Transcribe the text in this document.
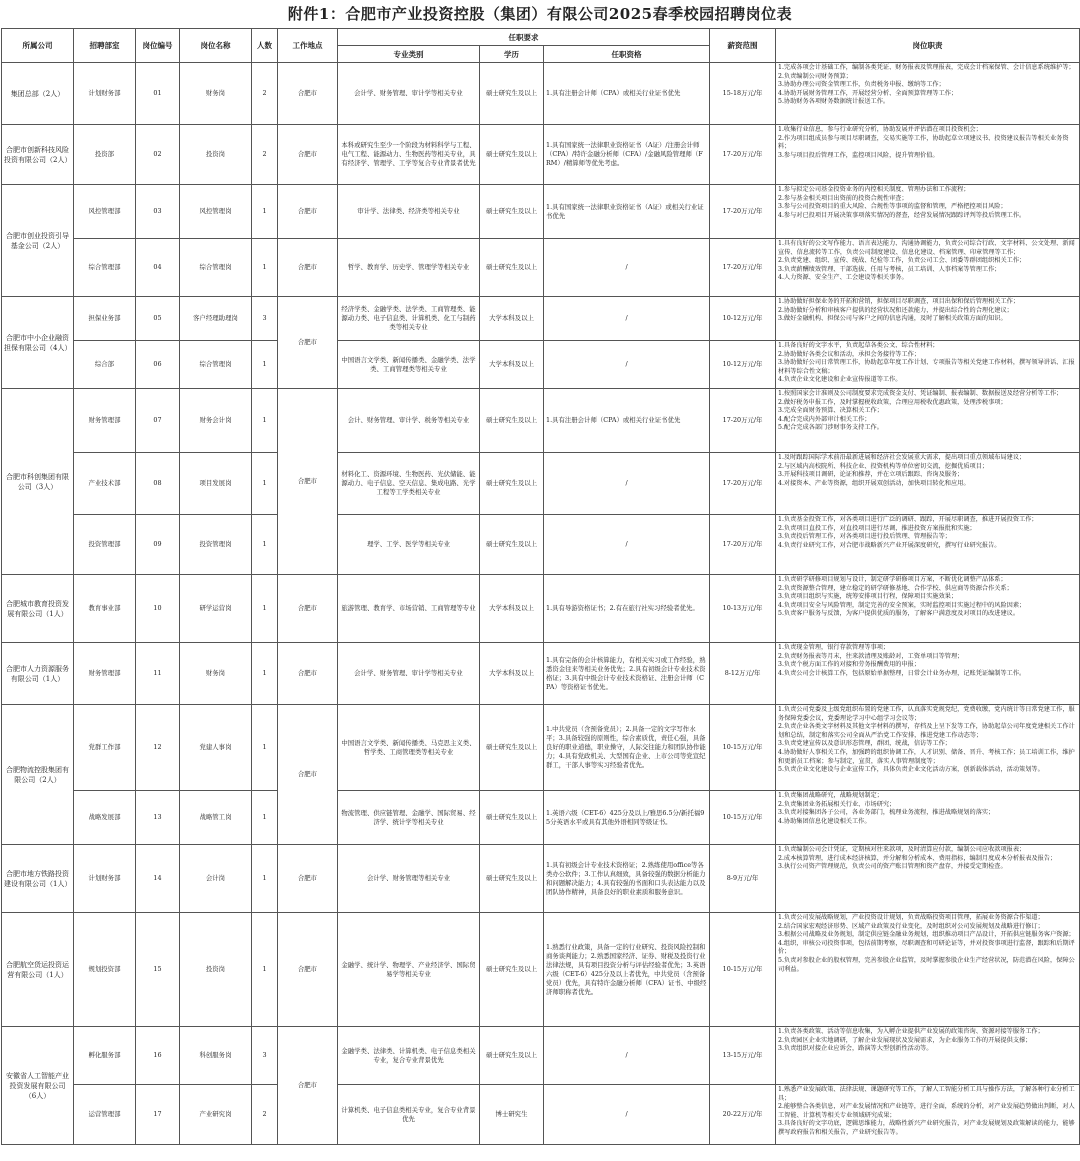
附件1：合肥市产业投资控股（集团）有限公司2025春季校园招聘岗位表
所属公司	招聘部室	岗位编号	岗位名称	人数	工作地点	任职要求			薪资范围	岗位职责
						专业类别	学历	任职资格		
集团总部（2人）	计划财务部	01	财务岗	2	合肥市	会计学、财务管理、审计学等相关专业	硕士研究生及以上	1.具有注册会计师（CPA）或相关行业证书优先	15-18万元/年	1.完成各项会计基础工作，编制各类凭证、财务报表及管理报表，完成会计档案保管、会计信息系统维护等；
2.负责编制公司财务预算；
3.协助办理公司资金管理工作，负责税务申报、缴纳等工作；
4.协助开展财务管理工作，开展经营分析、全面预算管理等工作；
5.协助财务各项财务数据统计报送工作。

合肥市创新科技风险投资有限公司（2人）	投资部	02	投资岗	2	合肥市	本科或研究生至少一个阶段为材料科学与工程、电气工程、能源动力、生物医药等相关专业，具有经济学、管理学、工学等复合专业背景者优先	硕士研究生及以上	1.具有国家统一法律职业资格证书（A证）/注册会计师（CPA）/特许金融分析师（CFA）/金融风险管理师（FRM）/精算师等优先考虑。	17-20万元/年	1.收集行业信息，参与行业研究分析，协助发展并评估潜在项目投资机会；
2.作为项目组成员参与项目尽职调查，交易实施等工作，协助起草立项建议书、投资建议报告等相关业务资料；
3.参与项目投后管理工作，监控项目风险，提升管理价值。

合肥市创业投资引导基金公司（2人）	风控管理部	03	风控管理岗	1	合肥市	审计学、法律类、经济类等相关专业	硕士研究生及以上	1.具有国家统一法律职业资格证书（A证）或相关行业证书优先	17-20万元/年	1.参与拟定公司基金投资业务的内控相关制度、管理办法和工作流程；
2.参与基金相关项目出资前的投资合规性审查；
3.参与公司投资项目的重大风险、合规性等事项的监督和管理，严格把控项目风险；
4.参与对已投项目开展决策事项落实情况的督查，经营发展情况跟踪评判等投后管理工作。

	综合管理部	04	综合管理岗	1	合肥市	哲学、教育学、历史学、管理学等相关专业	硕士研究生及以上	/	17-20万元/年	1.具有良好的公文写作能力、语言表达能力、沟通协调能力，负责公司综合行政、文字材料、公文处理、新闻宣传、信息流转等工作，负责公司制度建设、信息化建设、档案管理、印章管理等工作；
2.负责党建、组织、宣传、统战、纪检等工作，负责公司工会、团委等群团组织相关工作；
3.负责薪酬绩效管理、干部选拔、任用与考核，员工培训、人事档案等管理工作；
4.人力资源、安全生产、工会建设等相关事务。

合肥市中小企业融资担保有限公司（4人）	担保业务部	05	客户经理助理岗	3	合肥市	经济学类、金融学类、法学类、工商管理类、能源动力类、电子信息类、计算机类、化工与制药类等相关专业	大学本科及以上	/	10-12万元/年	1.协助做好担保业务的开拓和营销，担保项目尽职调查，项目出保和保后管理相关工作；
2.协助做好分析和审核客户提供的经营状况和还款能力，并提出综合性的合理化建议；
3.做好金融机构、担保公司与客户之间的信息沟通，及时了解相关政策方面的知识。

	综合部	06	综合管理岗	1		中国语言文学类、新闻传播类、金融学类、法学类、工商管理类等相关专业	大学本科及以上	/	10-12万元/年	1.具备良好的文字水平，负责起草各类公文、综合性材料；
2.协助做好各类会议和活动，承担会务接待等工作；
3.协助做好公司日常管理工作，协助起草年度工作计划、专项报告等相关党建工作材料，撰写领导讲话、汇报材料等综合性文稿；
4.负责企业文化建设和企业宣传报道等工作。

合肥市科创集团有限公司（3人）	财务管理部	07	财务会计岗	1	合肥市	会计、财务管理、审计学、税务等相关专业	硕士研究生及以上	1.具有注册会计师（CPA）或相关行业证书优先	17-20万元/年	1.按照国家会计准则及公司制度要求完成资金支付、凭证编制、报表编制、数据报送及经营分析等工作；
2.做好税务申报工作，及时掌握税收政策，合理应用税收优惠政策，处理涉税事项；
3.完成全面财务预算、决算相关工作；
4.配合完成内外部审计相关工作；
5.配合完成各部门涉财事务支持工作。

	产业技术部	08	项目发展岗	1		材料化工、资源环境、生物医药、光伏储能、能源动力、电子信息、空天信息、集成电路、光学工程等工学类相关专业	硕士研究生及以上	/	17-20万元/年	1.及时跟踪国际学术前沿最新进展和经济社会发展重大需求，提出项目重点领域布局建议；
2.与区域内高校院所、科技企业、投资机构等单位密切交流，挖掘优质项目；
3.开展科技项目调研，论证和推荐，并在立项后跟踪、咨询及服务；
4.对接资本、产业等资源，组织开展双创活动，加快项目转化和应用。

	投资管理部	09	投资管理岗	1		理学、工学、医学等相关专业	硕士研究生及以上	/	17-20万元/年	1.负责基金投资工作，对各类项目进行广泛的调研、跟踪，开展尽职调查，推进开展投资工作；
2.负责项目直投工作，对直投项目进行尽调，推进投资方案报批和实施；
3.负责投后管理工作，对各类项目进行投后管理、管理报告等；
4.负责行业研究工作，对合肥市战略新兴产业开展深度研究，撰写行业研究报告。

合肥城市教育投资发展有限公司（1人）	教育事业部	10	研学运营岗	1	合肥市	旅游管理、教育学、市场营销、工商管理等专业	大学本科及以上	1.具有导游资格证书；2.有在旅行社实习经验者优先。	10-13万元/年	1.负责研学研修项目规划与设计，制定研学研修项目方案，不断优化调整产品体系；
2.负责资源整合管理，建立稳定的研学研修基地、合作学校、供应商等资源合作关系；
3.负责项目组织与实施，统筹安排项目行程，保障项目实施效果；
4.负责项目安全与风险管理，制定完善的安全预案，实时监控项目实施过程中的风险因素；
5.负责客户服务与反馈，为客户提供优质的服务，了解客户满意度及对项目的改进建议。

合肥市人力资源服务有限公司（1人）	财务管理部	11	财务岗	1	合肥市	会计学、财务管理、审计学等相关专业	大学本科及以上	1.具有完备的会计核算能力，有相关实习或工作经验，熟悉资金往来等相关业务优先；2.具有初级会计专业技术资格证；3.具有中级会计专业技术资格证、注册会计师（CPA）等资格证书优先。	8-12万元/年	1.负责现金管理，银行存款管理等事项；
2.负责财务报表等月末，往来款清理及账龄对，工资单项目等管理；
3.负责个税方面工作的对接和劳务报酬费用的申报；
4.负责公司会计核算工作，包括原始单据整理，日常会计业务办理，记账凭证编制等工作。

合肥物流控股集团有限公司（2人）	党群工作部	12	党建人事岗	1	合肥市	中国语言文学类、新闻传播类、马克思主义类、哲学类、工商管理类等相关专业	硕士研究生及以上	1.中共党员（含预备党员）；2.具备一定的文字写作水平；3.具备较强的原则性，综合素质优，责任心强，具备良好的职业道德，职业操守，人际交往能力和团队协作能力；4.具有党政机关、大型国有企业、上市公司等党宣纪群工，干部人事等实习经验者优先。	10-15万元/年	1.负责公司党委及上级党组织布置的党建工作，认真落实党规党纪，党费收缴，党内统计等日常党建工作，服务保障党委会议，党委理论学习中心组学习会议等；
2.负责企业各类文字材料及其他文字材料的撰写，存档及上呈下发等工作，协助起草公司年度党建相关工作计划和总结，制定和落实公司全面从严治党工作安排，推进党建工作动态等；
3.负责党建宣传以及意识形态管理，群团，统战，信访等工作；
4.协助做好人事相关工作，加强跨的组织协调工作，人才识别、储备、晋升、考核工作；员工培训工作，维护和更新员工档案；参与制定，宣贯，落实人事管理制度等；
5.负责企业文化建设与企业宣传工作，具体负责企业文化活动方案，创新载体活动，活动策划等。

	战略发展部	13	战略管工岗	1		物流管理、供应链管理、金融学、国际贸易、经济学、统计学等相关专业	硕士研究生及以上	1.英语六级（CET-6）425分及以上/雅思6.5分/新托福95分英语水平或具有其他外语相同等级证书。	10-15万元/年	1.负责集团战略研究，战略规划制定；
2.负责集团业务拓展相关行业、市场研究；
3.负责对接集团各子公司，各业务部门，梳理业务流程，推进战略规划的落实；
4.协助集团信息化建设相关工作。

合肥市地方铁路投资建设有限公司（1人）	计划财务部	14	会计岗	1	合肥市	会计学、财务管理等相关专业	硕士研究生及以上	1.具有初级会计专业技术资格证；2.熟练使用office等各类办公软件；3.工作认真细致，具备较强的数据分析能力和问题解决能力；4.具有较强的书面和口头表达能力以及团队协作精神，具备良好的职业素质和服务意识。	8-9万元/年	1.负责编制公司会计凭证，定期核对往来款项，及时清算应付款，编制公司应收款项报表；
2.成本核算管理，进行成本经济核算，并分解和分析成本、费用指标，编制月度成本分析报表及报告；
3.执行公司资产管理规范，负责公司的资产账目管理和资产盘存，并接受定期检查。

合肥航空货运投资运营有限公司（1人）	规划投资部	15	投资岗	1	合肥市	金融学、统计学、物理学、产业经济学、国际贸易学等相关专业	硕士研究生及以上	1.熟悉行业政策，具备一定的行业研究、投资风险控制和商务谈判能力；2.熟悉国家经济、证券、财税及投资行业法律法规，具有项目投资分析与评估经验者优先；3.英语六级（CET-6）425分及以上者优先，中共党员（含预备党员）优先，具有特许金融分析师（CFA）证书、中级经济师职称者优先。	10-15万元/年	1.负责公司发展战略规划，产业投资设计规划，负责战略投资项目管理，拓展业务资源合作渠道；
2.结合国家宏观经济形势、区域产业政策及行业变化，及时组织对公司发展规划及战略进行修订；
3.根据公司战略及业务规划，制定供应链金融业务规划，组织推动项目产品设计，开拓供应链服务客户资源；
4.组织，审核公司投资事项，包括前期考察，尽职调查和可研论证等，并对投资事项进行监督，跟踪和后期评价；
5.负责对参股企业的股权管理，完善参股企业监管，及时掌握参股企业生产经营状况，防范潜在风险，保障公司利益。

安徽省人工智能产业投资发展有限公司（6人）	孵化服务部	16	科创服务岗	3	合肥市	金融学类、法律类、计算机类、电子信息类相关专业，复合专业背景优先	硕士研究生及以上	/	13-15万元/年	1.负责各类政策、活动等信息收集，为入孵企业提供产业发展的政策咨询、资源对接等服务工作；
2.负责园区企业实地调研，了解企业发展现状及发展需求，为企业服务工作的开展提供支撑；
3.负责组织对接企业应诉会，路演等大型创新性活动等。

	运营管理部	17	产业研究岗	2		计算机类、电子信息类相关专业，复合专业背景优先	博士研究生	/	20-22万元/年	1.熟悉产业发展政策、法律法规、课题研究等工作，了解人工智能分析工具与操作方法，了解各种行业分析工具；
2.能够整合各类信息，对产业发展情况和产业链等，进行全面，系统的分析，对产业发展趋势做出判断，对人工智能、计算机等相关专业领域研究成果；
3.具备良好的文字功底，逻辑思维能力，战略性新兴产业研究报告，对产业发展规划及政策解读的能力，能够撰写政府报告和相关报告，产业研究报告等。
